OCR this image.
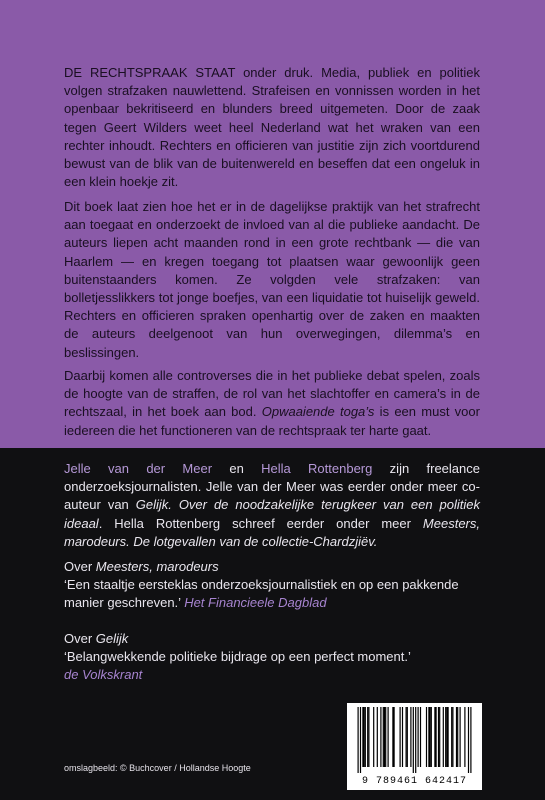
DE RECHTSPRAAK STAAT onder druk. Media, publiek en politiek volgen strafzaken nauwlettend. Strafeisen en vonnissen worden in het openbaar bekritiseerd en blunders breed uitgemeten. Door de zaak tegen Geert Wilders weet heel Nederland wat het wraken van een rechter inhoudt. Rechters en officieren van justitie zijn zich voortdurend bewust van de blik van de buitenwereld en beseffen dat een ongeluk in een klein hoekje zit.

Dit boek laat zien hoe het er in de dagelijkse praktijk van het strafrecht aan toegaat en onderzoekt de invloed van al die publieke aandacht. De auteurs liepen acht maanden rond in een grote rechtbank — die van Haarlem — en kregen toegang tot plaatsen waar gewoonlijk geen buitenstaanders komen. Ze volgden vele strafzaken: van bolletjesslikkers tot jonge boefjes, van een liquidatie tot huiselijk geweld. Rechters en officieren spraken openhartig over de zaken en maakten de auteurs deelgenoot van hun overwegingen, dilemma’s en beslissingen.

Daarbij komen alle controverses die in het publieke debat spelen, zoals de hoogte van de straffen, de rol van het slachtoffer en camera’s in de rechtszaal, in het boek aan bod. Opwaaiende toga’s is een must voor iedereen die het functioneren van de rechtspraak ter harte gaat.

Jelle van der Meer en Hella Rottenberg zijn freelance onderzoeksjournalisten. Jelle van der Meer was eerder onder meer co-auteur van Gelijk. Over de noodzakelijke terugkeer van een politiek ideaal. Hella Rottenberg schreef eerder onder meer Meesters, marodeurs. De lotgevallen van de collectie-Chardzjiëv.

Over Meesters, marodeurs
‘Een staaltje eersteklas onderzoeksjournalistiek en op een pakkende manier geschreven.’ Het Financieele Dagblad

Over Gelijk
‘Belangwekkende politieke bijdrage op een perfect moment.’
de Volkskrant

omslagbeeld: © Buchcover / Hollandse Hoogte

9 789461 642417
